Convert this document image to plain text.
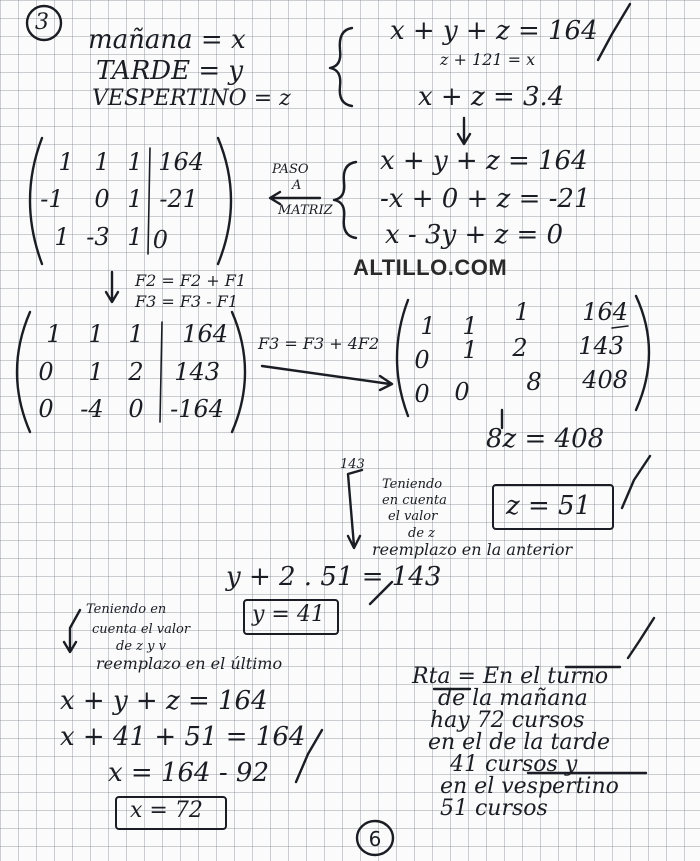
3
mañana = x
TARDE = y
VESPERTINO = z
x + y + z = 164
z + 121 = x
x + z = 3.4
PASO
A
MATRIZ
x + y + z = 164
-x + 0 + z = -21
x - 3y + z = 0
ALTILLO.COM
1 1 1 164
-1	0 1 -21
1 -3 1 0
F2 = F2 + F1
F3 = F3 - F1
1	1	1	164
0	1	2	143
0	-4	0	-164
F3 = F3 + 4F2
1	1	1	164
0	1	2	143
0	0	8	408
8z = 408
143
Teniendo
en cuenta
el valor
de z
z = 51
reemplazo en la anterior
y + 2 . 51 = 143
y = 41
Teniendo en
cuenta el valor
de z y v
reemplazo en el último
x + y + z = 164
x + 41 + 51 = 164
x = 164 - 92
x = 72
Rta = En el turno
de la mañana
hay 72 cursos
en el de la tarde
41 cursos y
en el vespertino
51 cursos
6
